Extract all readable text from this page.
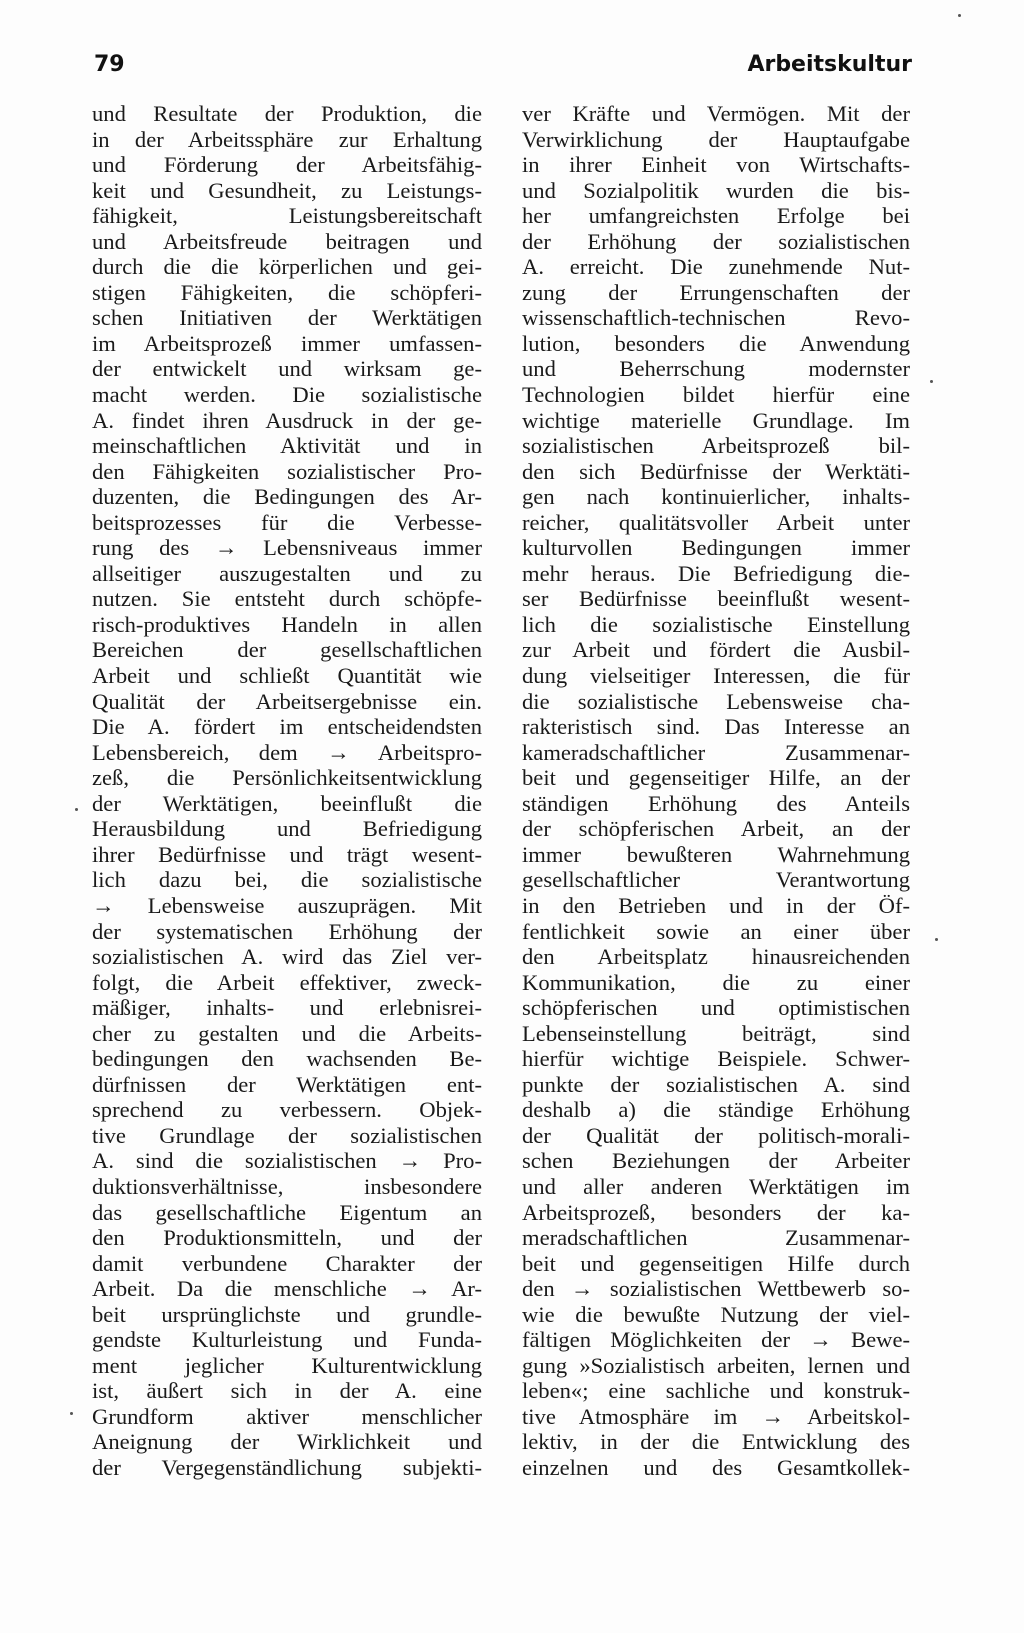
79	Arbeitskultur
und Resultate der Produktion, die
in der Arbeitssphäre zur Erhaltung
und Förderung der Arbeitsfähig-
keit und Gesundheit, zu Leistungs-
fähigkeit, Leistungsbereitschaft
und Arbeitsfreude beitragen und
durch die die körperlichen und gei-
stigen Fähigkeiten, die schöpferi-
schen Initiativen der Werktätigen
im Arbeitsprozeß immer umfassen-
der entwickelt und wirksam ge-
macht werden. Die sozialistische
A. findet ihren Ausdruck in der ge-
meinschaftlichen Aktivität und in
den Fähigkeiten sozialistischer Pro-
duzenten, die Bedingungen des Ar-
beitsprozesses für die Verbesse-
rung des → Lebensniveaus immer
allseitiger auszugestalten und zu
nutzen. Sie entsteht durch schöpfe-
risch-produktives Handeln in allen
Bereichen der gesellschaftlichen
Arbeit und schließt Quantität wie
Qualität der Arbeitsergebnisse ein.
Die A. fördert im entscheidendsten
Lebensbereich, dem → Arbeitspro-
zeß, die Persönlichkeitsentwicklung
der Werktätigen, beeinflußt die
Herausbildung und Befriedigung
ihrer Bedürfnisse und trägt wesent-
lich dazu bei, die sozialistische
→ Lebensweise auszuprägen. Mit
der systematischen Erhöhung der
sozialistischen A. wird das Ziel ver-
folgt, die Arbeit effektiver, zweck-
mäßiger, inhalts- und erlebnisrei-
cher zu gestalten und die Arbeits-
bedingungen den wachsenden Be-
dürfnissen der Werktätigen ent-
sprechend zu verbessern. Objek-
tive Grundlage der sozialistischen
A. sind die sozialistischen → Pro-
duktionsverhältnisse, insbesondere
das gesellschaftliche Eigentum an
den Produktionsmitteln, und der
damit verbundene Charakter der
Arbeit. Da die menschliche → Ar-
beit ursprünglichste und grundle-
gendste Kulturleistung und Funda-
ment jeglicher Kulturentwicklung
ist, äußert sich in der A. eine
Grundform aktiver menschlicher
Aneignung der Wirklichkeit und
der Vergegenständlichung subjekti-
ver Kräfte und Vermögen. Mit der
Verwirklichung der Hauptaufgabe
in ihrer Einheit von Wirtschafts-
und Sozialpolitik wurden die bis-
her umfangreichsten Erfolge bei
der Erhöhung der sozialistischen
A. erreicht. Die zunehmende Nut-
zung der Errungenschaften der
wissenschaftlich-technischen Revo-
lution, besonders die Anwendung
und Beherrschung modernster
Technologien bildet hierfür eine
wichtige materielle Grundlage. Im
sozialistischen Arbeitsprozeß bil-
den sich Bedürfnisse der Werktäti-
gen nach kontinuierlicher, inhalts-
reicher, qualitätsvoller Arbeit unter
kulturvollen Bedingungen immer
mehr heraus. Die Befriedigung die-
ser Bedürfnisse beeinflußt wesent-
lich die sozialistische Einstellung
zur Arbeit und fördert die Ausbil-
dung vielseitiger Interessen, die für
die sozialistische Lebensweise cha-
rakteristisch sind. Das Interesse an
kameradschaftlicher Zusammenar-
beit und gegenseitiger Hilfe, an der
ständigen Erhöhung des Anteils
der schöpferischen Arbeit, an der
immer bewußteren Wahrnehmung
gesellschaftlicher Verantwortung
in den Betrieben und in der Öf-
fentlichkeit sowie an einer über
den Arbeitsplatz hinausreichenden
Kommunikation, die zu einer
schöpferischen und optimistischen
Lebenseinstellung beiträgt, sind
hierfür wichtige Beispiele. Schwer-
punkte der sozialistischen A. sind
deshalb a) die ständige Erhöhung
der Qualität der politisch-morali-
schen Beziehungen der Arbeiter
und aller anderen Werktätigen im
Arbeitsprozeß, besonders der ka-
meradschaftlichen Zusammenar-
beit und gegenseitigen Hilfe durch
den → sozialistischen Wettbewerb so-
wie die bewußte Nutzung der viel-
fältigen Möglichkeiten der → Bewe-
gung »Sozialistisch arbeiten, lernen und
leben«; eine sachliche und konstruk-
tive Atmosphäre im → Arbeitskol-
lektiv, in der die Entwicklung des
einzelnen und des Gesamtkollek-
